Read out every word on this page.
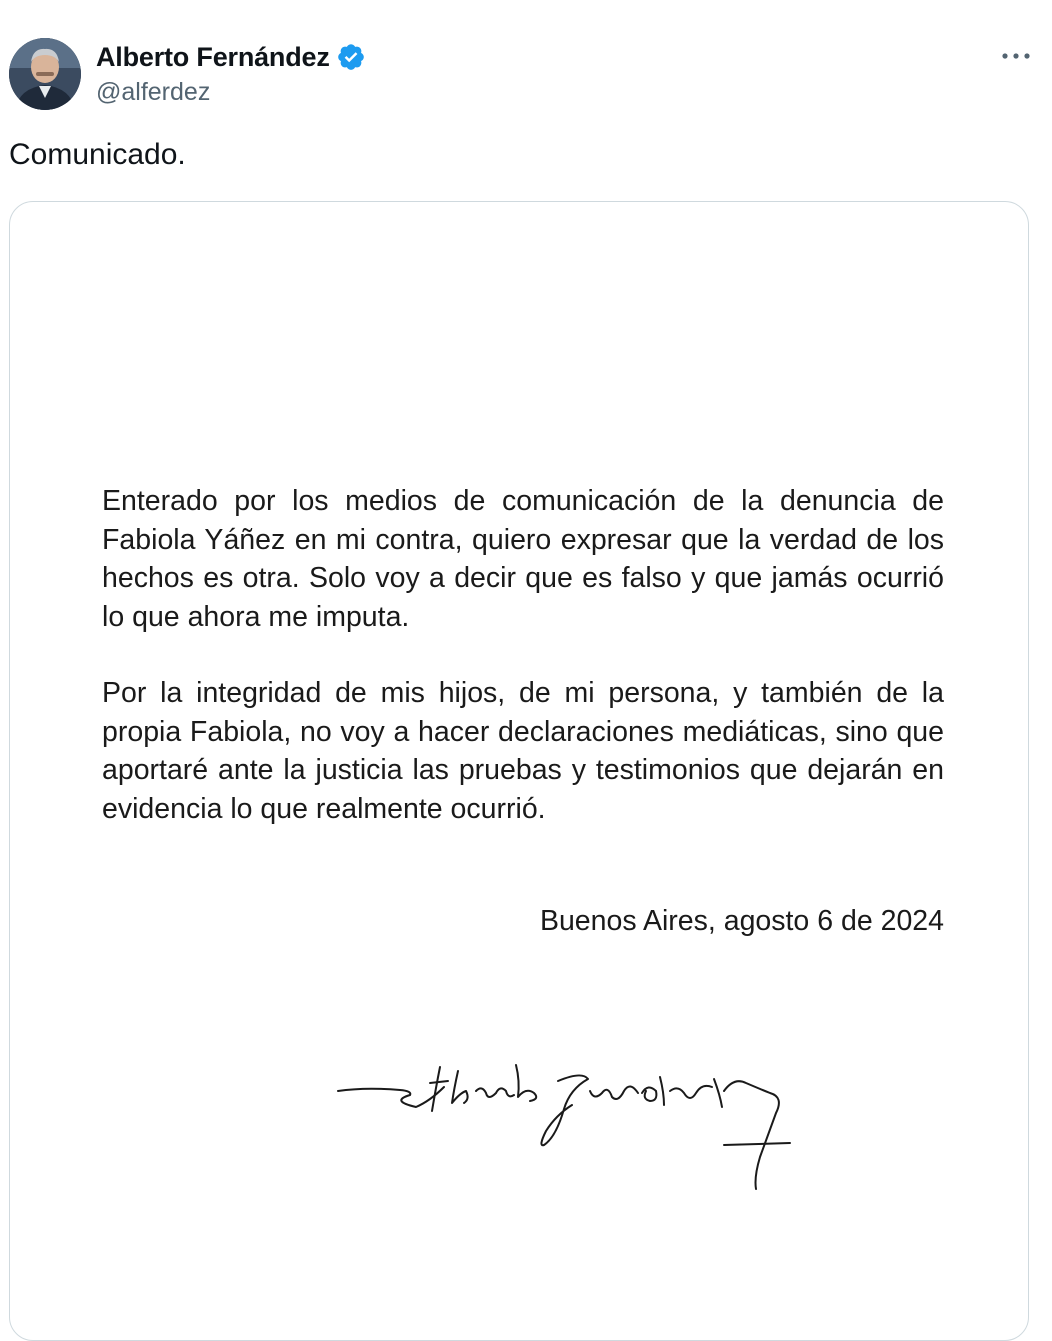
Alberto Fernández
@alferdez
Comunicado.

Enterado por los medios de comunicación de la denuncia de Fabiola Yáñez en mi contra, quiero expresar que la verdad de los hechos es otra. Solo voy a decir que es falso y que jamás ocurrió lo que ahora me imputa.

Por la integridad de mis hijos, de mi persona, y también de la propia Fabiola, no voy a hacer declaraciones mediáticas, sino que aportaré ante la justicia las pruebas y testimonios que dejarán en evidencia lo que realmente ocurrió.

Buenos Aires, agosto 6 de 2024
